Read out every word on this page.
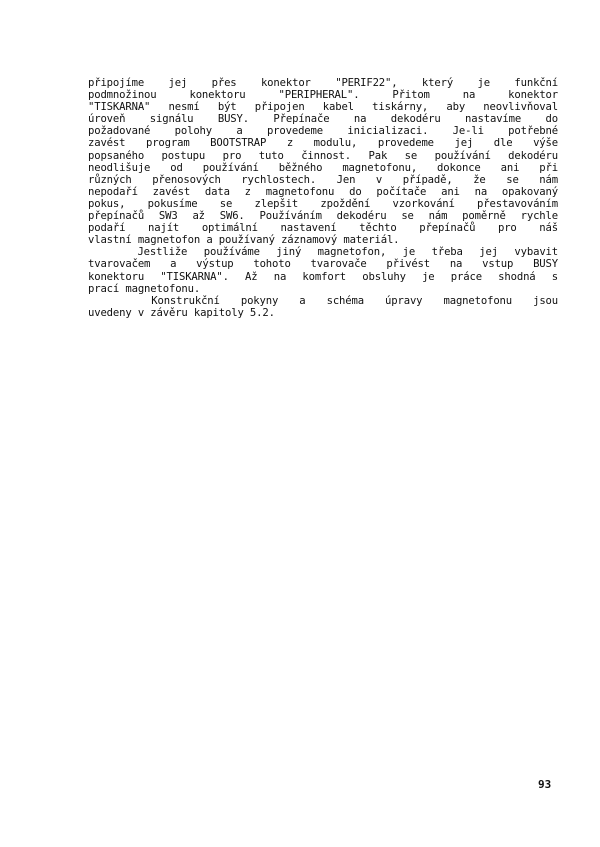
připojíme jej přes konektor "PERIF22", který je funkční
podmnožinou konektoru "PERIPHERAL". Přitom na konektor
"TISKARNA" nesmí být připojen kabel tiskárny, aby neovlivňoval
úroveň signálu BUSY. Přepínače na dekodéru nastavíme do
požadované polohy a provedeme inicializaci. Je-li potřebné
zavést program BOOTSTRAP z modulu, provedeme jej dle výše
popsaného postupu pro tuto činnost. Pak se používání dekodéru
neodlišuje od používání běžného magnetofonu, dokonce ani při
různých přenosových rychlostech. Jen v případě, že se nám
nepodaří zavést data z magnetofonu do počítače ani na opakovaný
pokus, pokusíme se zlepšit zpoždění vzorkování přestavováním
přepínačů SW3 až SW6. Používáním dekodéru se nám poměrně rychle
podaří najít optimální nastavení těchto přepínačů pro náš
vlastní magnetofon a používaný záznamový materiál.
Jestliže používáme jiný magnetofon, je třeba jej vybavit
tvarovačem a výstup tohoto tvarovače přivést na vstup BUSY
konektoru "TISKARNA". Až na komfort obsluhy je práce shodná s
prací magnetofonu.
Konstrukční pokyny a schéma úpravy magnetofonu jsou
uvedeny v závěru kapitoly 5.2.
93
